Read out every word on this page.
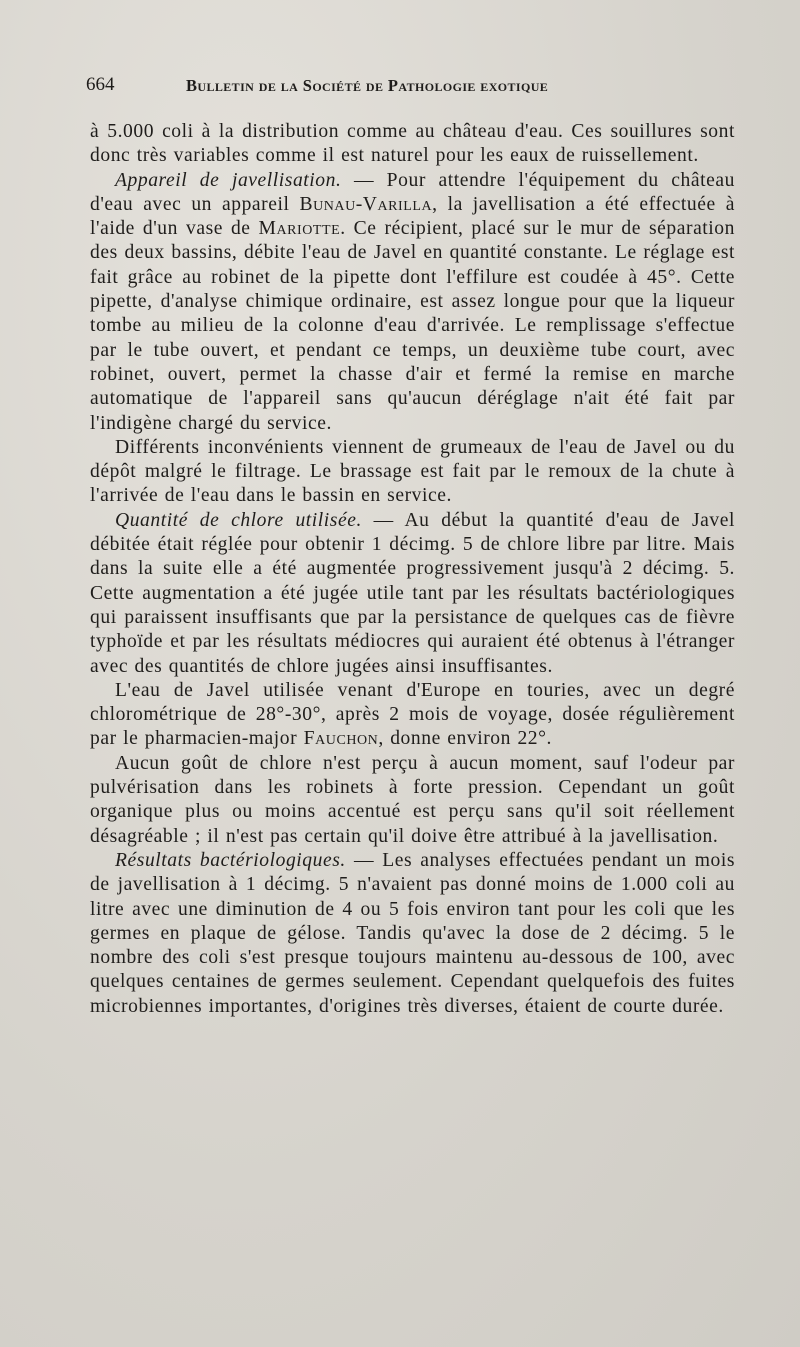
664	Bulletin de la Société de Pathologie exotique

à 5.000 coli à la distribution comme au château d'eau. Ces souillures sont donc très variables comme il est naturel pour les eaux de ruissellement.

Appareil de javellisation. — Pour attendre l'équipement du château d'eau avec un appareil Bunau-Varilla, la javellisation a été effectuée à l'aide d'un vase de Mariotte. Ce récipient, placé sur le mur de séparation des deux bassins, débite l'eau de Javel en quantité constante. Le réglage est fait grâce au robinet de la pipette dont l'effilure est coudée à 45°. Cette pipette, d'analyse chimique ordinaire, est assez longue pour que la liqueur tombe au milieu de la colonne d'eau d'arrivée. Le remplissage s'effectue par le tube ouvert, et pendant ce temps, un deuxième tube court, avec robinet, ouvert, permet la chasse d'air et fermé la remise en marche automatique de l'appareil sans qu'aucun déréglage n'ait été fait par l'indigène chargé du service.

Différents inconvénients viennent de grumeaux de l'eau de Javel ou du dépôt malgré le filtrage. Le brassage est fait par le remoux de la chute à l'arrivée de l'eau dans le bassin en service.

Quantité de chlore utilisée. — Au début la quantité d'eau de Javel débitée était réglée pour obtenir 1 décimg. 5 de chlore libre par litre. Mais dans la suite elle a été augmentée progressivement jusqu'à 2 décimg. 5. Cette augmentation a été jugée utile tant par les résultats bactériologiques qui paraissent insuffisants que par la persistance de quelques cas de fièvre typhoïde et par les résultats médiocres qui auraient été obtenus à l'étranger avec des quantités de chlore jugées ainsi insuffisantes.

L'eau de Javel utilisée venant d'Europe en touries, avec un degré chlorométrique de 28°-30°, après 2 mois de voyage, dosée régulièrement par le pharmacien-major Fauchon, donne environ 22°.

Aucun goût de chlore n'est perçu à aucun moment, sauf l'odeur par pulvérisation dans les robinets à forte pression. Cependant un goût organique plus ou moins accentué est perçu sans qu'il soit réellement désagréable ; il n'est pas certain qu'il doive être attribué à la javellisation.

Résultats bactériologiques. — Les analyses effectuées pendant un mois de javellisation à 1 décimg. 5 n'avaient pas donné moins de 1.000 coli au litre avec une diminution de 4 ou 5 fois environ tant pour les coli que les germes en plaque de gélose. Tandis qu'avec la dose de 2 décimg. 5 le nombre des coli s'est presque toujours maintenu au-dessous de 100, avec quelques centaines de germes seulement. Cependant quelquefois des fuites microbiennes importantes, d'origines très diverses, étaient de courte durée.
